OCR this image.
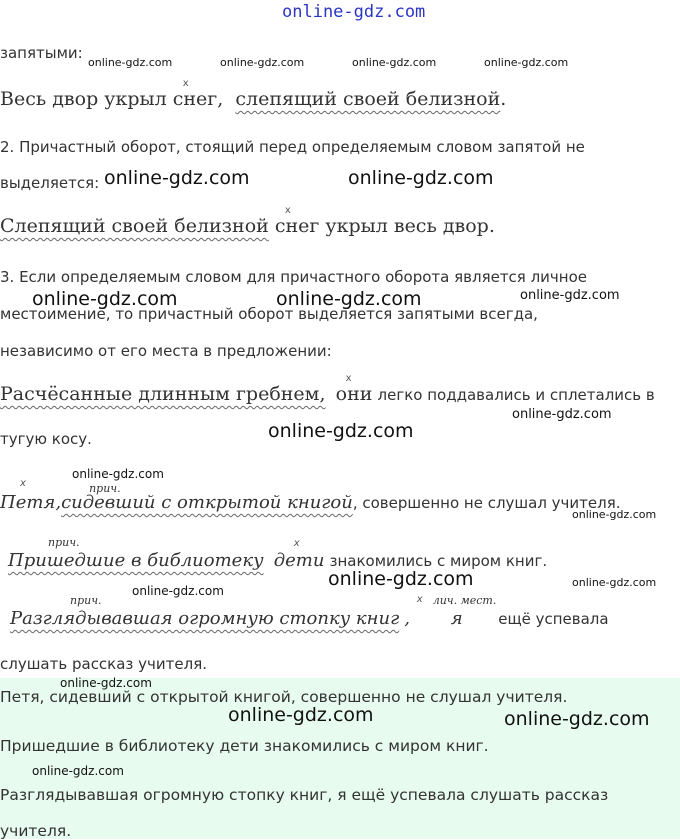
online-gdz.com
запятыми:
online-gdz.com	online-gdz.com	online-gdz.com	online-gdz.com
Весь двор укрыл
x
снег, слепящий своей белизной.
2. Причастный оборот, стоящий перед определяемым словом запятой не
выделяется: online-gdz.com	online-gdz.com
Слепящий своей белизной
x
снег укрыл весь двор.
3. Если определяемым словом для причастного оборота является личное
online-gdz.com	online-gdz.com	online-gdz.com
местоимение, то причастный оборот выделяется запятыми всегда,
независимо от его места в предложении:
Расчёсанные длинным гребнем,
x
они легко поддавались и сплетались в
online-gdz.com
тугую косу.	online-gdz.com
online-gdz.com
x
Петя,
прич.
сидевший с открытой книгой, совершенно не слушал учителя.
online-gdz.com
прич.
Пришедшие в библиотеку
x
дети знакомились с миром книг.
online-gdz.com	online-gdz.com
online-gdz.com
прич.
Разглядывавшая огромную стопку книг ,
x лич. мест.
я ещё успевала
слушать рассказ учителя.
Петя, сидевший с открытой книгой, совершенно не слушал учителя.
online-gdz.com
online-gdz.com	online-gdz.com
Пришедшие в библиотеку дети знакомились с миром книг.
online-gdz.com
Разглядывавшая огромную стопку книг, я ещё успевала слушать рассказ
учителя.
